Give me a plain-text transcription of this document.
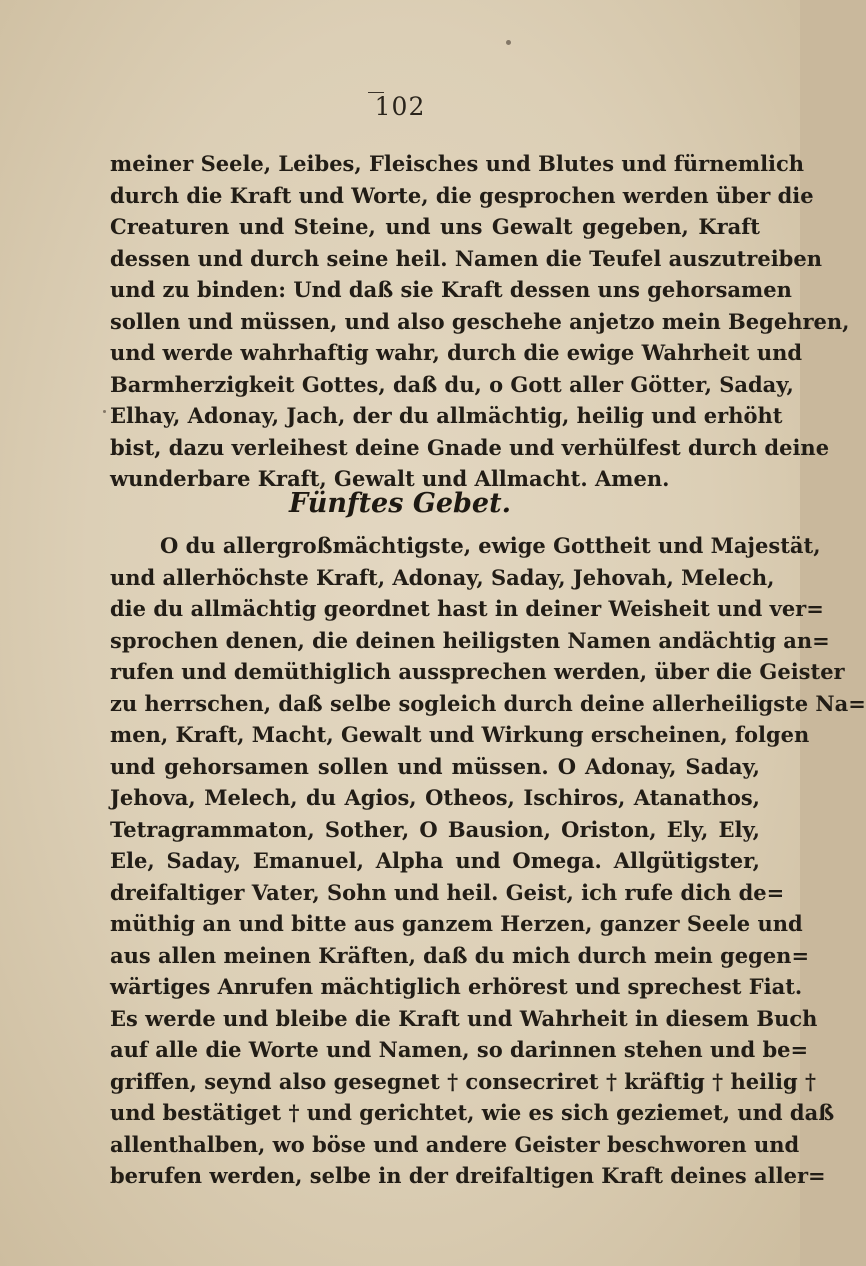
102
meiner Seele, Leibes, Fleisches und Blutes und fürnemlich
durch die Kraft und Worte, die gesprochen werden über die
Creaturen und Steine, und uns Gewalt gegeben, Kraft
dessen und durch seine heil. Namen die Teufel auszutreiben
und zu binden: Und daß sie Kraft dessen uns gehorsamen
sollen und müssen, und also geschehe anjetzo mein Begehren,
und werde wahrhaftig wahr, durch die ewige Wahrheit und
Barmherzigkeit Gottes, daß du, o Gott aller Götter, Saday,
Elhay, Adonay, Jach, der du allmächtig, heilig und erhöht
bist, dazu verleihest deine Gnade und verhülfest durch deine
wunderbare Kraft, Gewalt und Allmacht. Amen.
Fünftes Gebet.
O du allergroßmächtigste, ewige Gottheit und Majestät,
und allerhöchste Kraft, Adonay, Saday, Jehovah, Melech,
die du allmächtig geordnet hast in deiner Weisheit und ver=
sprochen denen, die deinen heiligsten Namen andächtig an=
rufen und demüthiglich aussprechen werden, über die Geister
zu herrschen, daß selbe sogleich durch deine allerheiligste Na=
men, Kraft, Macht, Gewalt und Wirkung erscheinen, folgen
und gehorsamen sollen und müssen. O Adonay, Saday,
Jehova, Melech, du Agios, Otheos, Ischiros, Atanathos,
Tetragrammaton, Sother, O Bausion, Oriston, Ely, Ely,
Ele, Saday, Emanuel, Alpha und Omega. Allgütigster,
dreifaltiger Vater, Sohn und heil. Geist, ich rufe dich de=
müthig an und bitte aus ganzem Herzen, ganzer Seele und
aus allen meinen Kräften, daß du mich durch mein gegen=
wärtiges Anrufen mächtiglich erhörest und sprechest Fiat.
Es werde und bleibe die Kraft und Wahrheit in diesem Buch
auf alle die Worte und Namen, so darinnen stehen und be=
griffen, seynd also gesegnet † consecriret † kräftig † heilig †
und bestätiget † und gerichtet, wie es sich geziemet, und daß
allenthalben, wo böse und andere Geister beschworen und
berufen werden, selbe in der dreifaltigen Kraft deines aller=
